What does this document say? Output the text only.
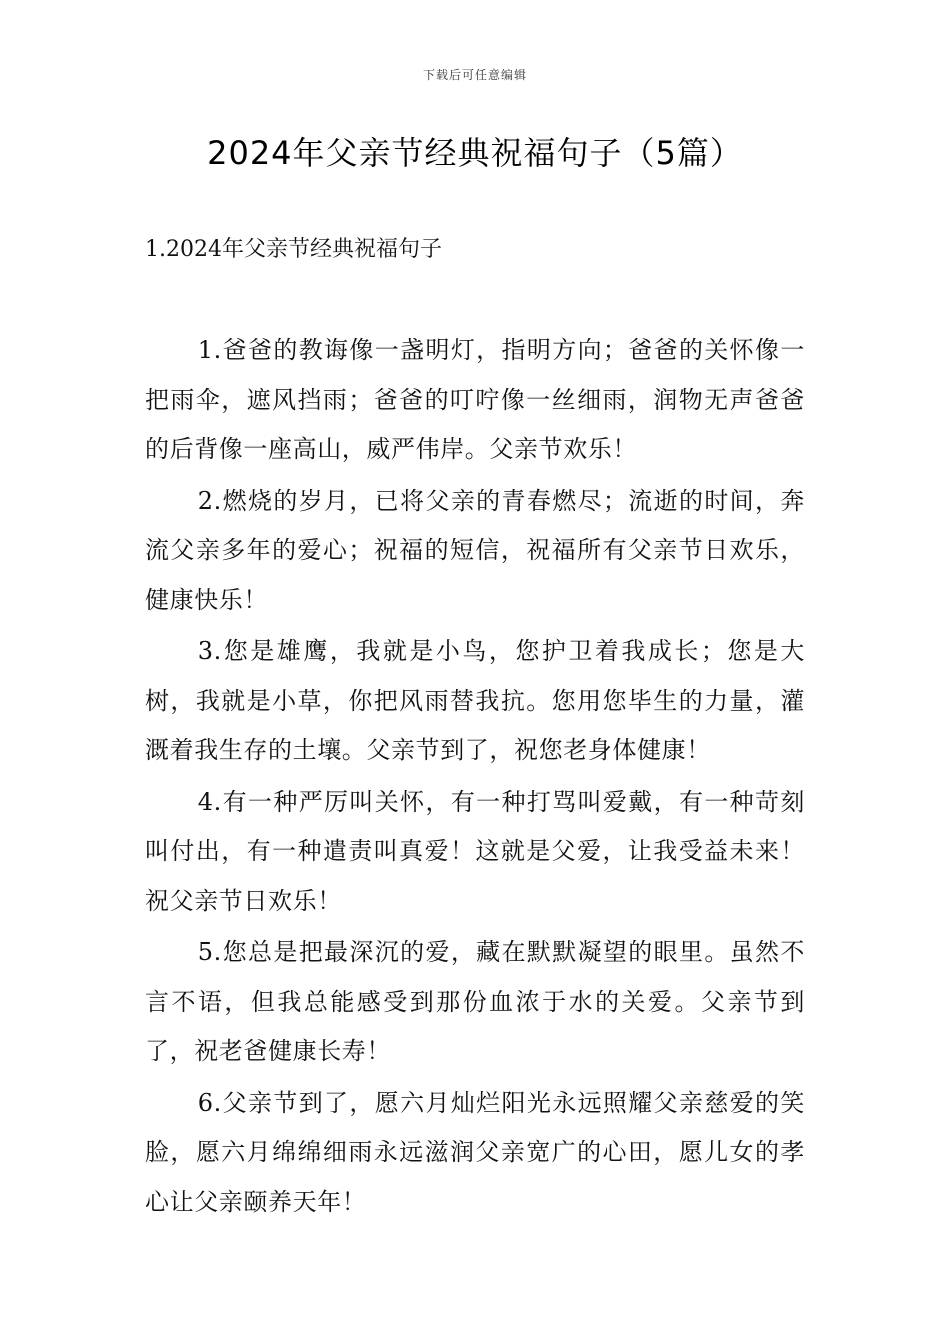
下载后可任意编辑
2024年父亲节经典祝福句子（5篇）
1.2024年父亲节经典祝福句子

1.爸爸的教诲像一盏明灯，指明方向；爸爸的关怀像一把雨伞，遮风挡雨；爸爸的叮咛像一丝细雨，润物无声爸爸的后背像一座高山，威严伟岸。父亲节欢乐！

2.燃烧的岁月，已将父亲的青春燃尽；流逝的时间，奔流父亲多年的爱心；祝福的短信，祝福所有父亲节日欢乐，健康快乐！

3.您是雄鹰，我就是小鸟，您护卫着我成长；您是大树，我就是小草，你把风雨替我抗。您用您毕生的力量，灌溉着我生存的土壤。父亲节到了，祝您老身体健康！

4.有一种严厉叫关怀，有一种打骂叫爱戴，有一种苛刻叫付出，有一种遣责叫真爱！这就是父爱，让我受益未来！祝父亲节日欢乐！

5.您总是把最深沉的爱，藏在默默凝望的眼里。虽然不言不语，但我总能感受到那份血浓于水的关爱。父亲节到了，祝老爸健康长寿！

6.父亲节到了，愿六月灿烂阳光永远照耀父亲慈爱的笑脸，愿六月绵绵细雨永远滋润父亲宽广的心田，愿儿女的孝心让父亲颐养天年！
